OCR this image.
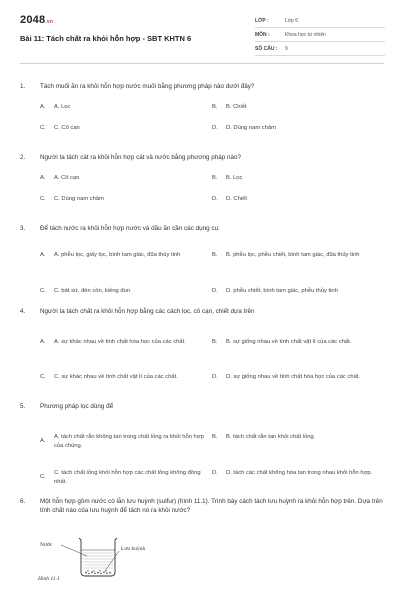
2048.vn
Bài 11: Tách chất ra khỏi hỗn hợp - SBT KHTN 6
LỚP :	Lớp 6
MÔN :	Khoa học tự nhiên
SỐ CÂU :	9
1. Tách muối ăn ra khỏi hỗn hợp nước muối bằng phương pháp nào dưới đây?
A.	A. Lọc	B.	B. Chiết
C.	C. Cô cạn	D.	D. Dùng nam châm
2. Người ta tách cát ra khỏi hỗn hợp cát và nước bằng phương pháp nào?
A.	A. Cô cạn	B.	B. Lọc
C.	C. Dùng nam châm	D.	D. Chiết
3. Để tách nước ra khỏi hỗn hợp nước và dầu ăn cần các dụng cụ:
A.	A. phễu lọc, giấy lọc, bình tam giác, đũa thủy tinh	B.	B. phễu lọc, phễu chiết, bình tam giác, đũa thủy tinh
C.	C. bát sứ, đèn cồn, kiềng đun	D.	D. phễu chiết, bình tam giác, phễu thủy tinh
4. Người ta tách chất ra khỏi hỗn hợp bằng các cách lọc, cô cạn, chiết dựa trên
A.	A. sự khác nhau về tính chất hóa học của các chất.	B.	B. sự giống nhau về tính chất vật lí của các chất.
C.	C. sự khác nhau về tính chất vật lí của các chất.	D.	D. sự giống nhau về tính chất hóa học của các chất.
5. Phương pháp lọc dùng để
A.
A. tách chất rắn không tan trong chất lỏng ra khỏi hỗn hợp của chúng.
B.	B. tách chất rắn tan khỏi chất lỏng.
C.
C. tách chất lỏng khỏi hỗn hợp các chất lỏng không đồng nhất.
D.	D. tách các chất không hòa tan trong nhau khỏi hỗn hợp.
6. Một hỗn hợp gồm nước có lẫn lưu huỳnh (sulfur) (hình 11.1). Trình bày cách tách lưu huỳnh ra khỏi hỗn hợp trên. Dựa trên tính chất nào của lưu huỳnh để tách nó ra khỏi nước?
Nước
Lưu huỳnh
Hình 11.1
